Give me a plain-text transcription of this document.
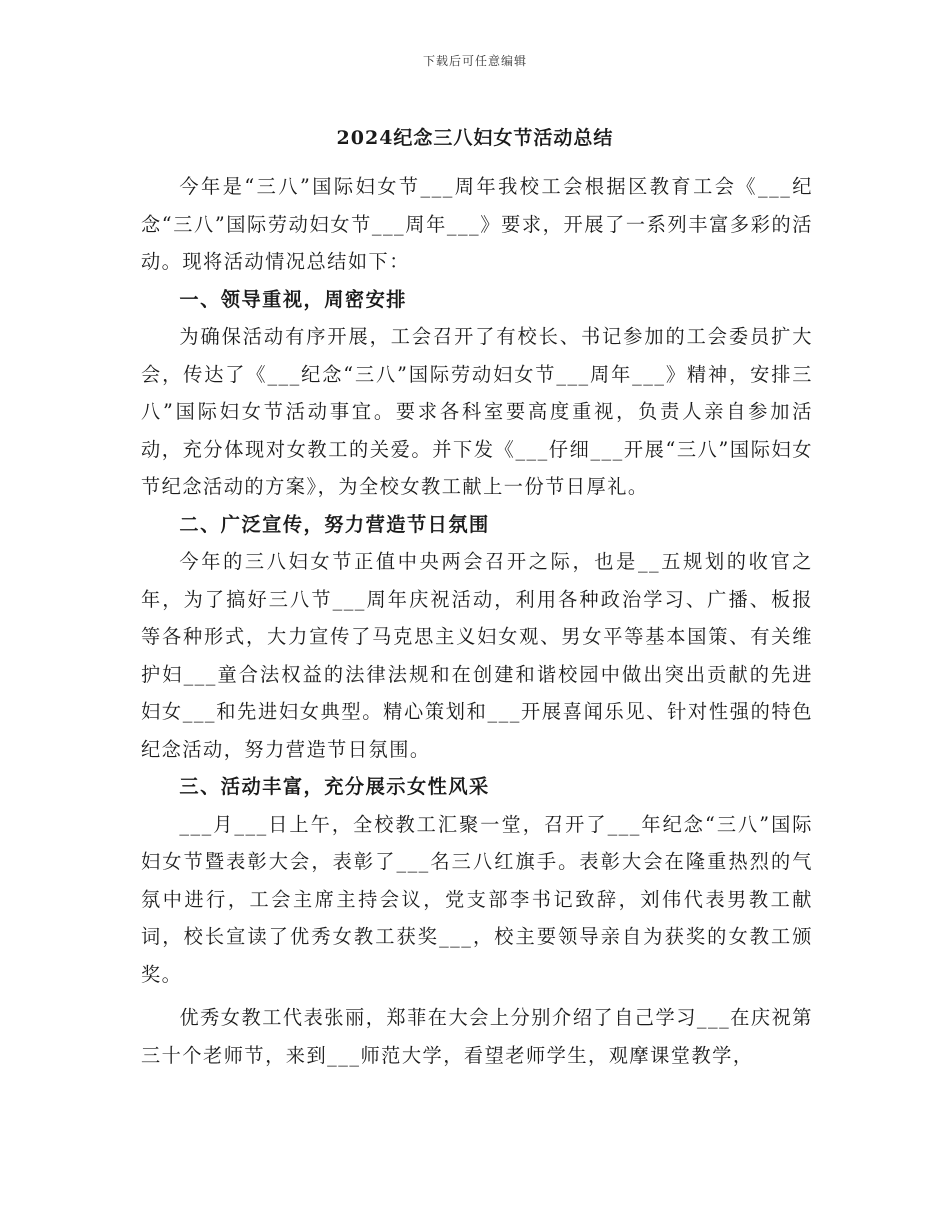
下载后可任意编辑
2024纪念三八妇女节活动总结

今年是“三八”国际妇女节___周年我校工会根据区教育工会《___纪念“三八”国际劳动妇女节___周年___》要求，开展了一系列丰富多彩的活动。现将活动情况总结如下：

一、领导重视，周密安排

为确保活动有序开展，工会召开了有校长、书记参加的工会委员扩大会，传达了《___纪念“三八”国际劳动妇女节___周年___》精神，安排三八”国际妇女节活动事宜。要求各科室要高度重视，负责人亲自参加活动，充分体现对女教工的关爱。并下发《___仔细___开展“三八”国际妇女节纪念活动的方案》，为全校女教工献上一份节日厚礼。

二、广泛宣传，努力营造节日氛围

今年的三八妇女节正值中央两会召开之际，也是__五规划的收官之年，为了搞好三八节___周年庆祝活动，利用各种政治学习、广播、板报等各种形式，大力宣传了马克思主义妇女观、男女平等基本国策、有关维护妇___童合法权益的法律法规和在创建和谐校园中做出突出贡献的先进妇女___和先进妇女典型。精心策划和___开展喜闻乐见、针对性强的特色纪念活动，努力营造节日氛围。

三、活动丰富，充分展示女性风采

___月___日上午，全校教工汇聚一堂，召开了___年纪念“三八”国际妇女节暨表彰大会，表彰了___名三八红旗手。表彰大会在隆重热烈的气氛中进行，工会主席主持会议，党支部李书记致辞，刘伟代表男教工献词，校长宣读了优秀女教工获奖___，校主要领导亲自为获奖的女教工颁奖。

优秀女教工代表张丽，郑菲在大会上分别介绍了自己学习___在庆祝第三十个老师节，来到___师范大学，看望老师学生，观摩课堂教学，
